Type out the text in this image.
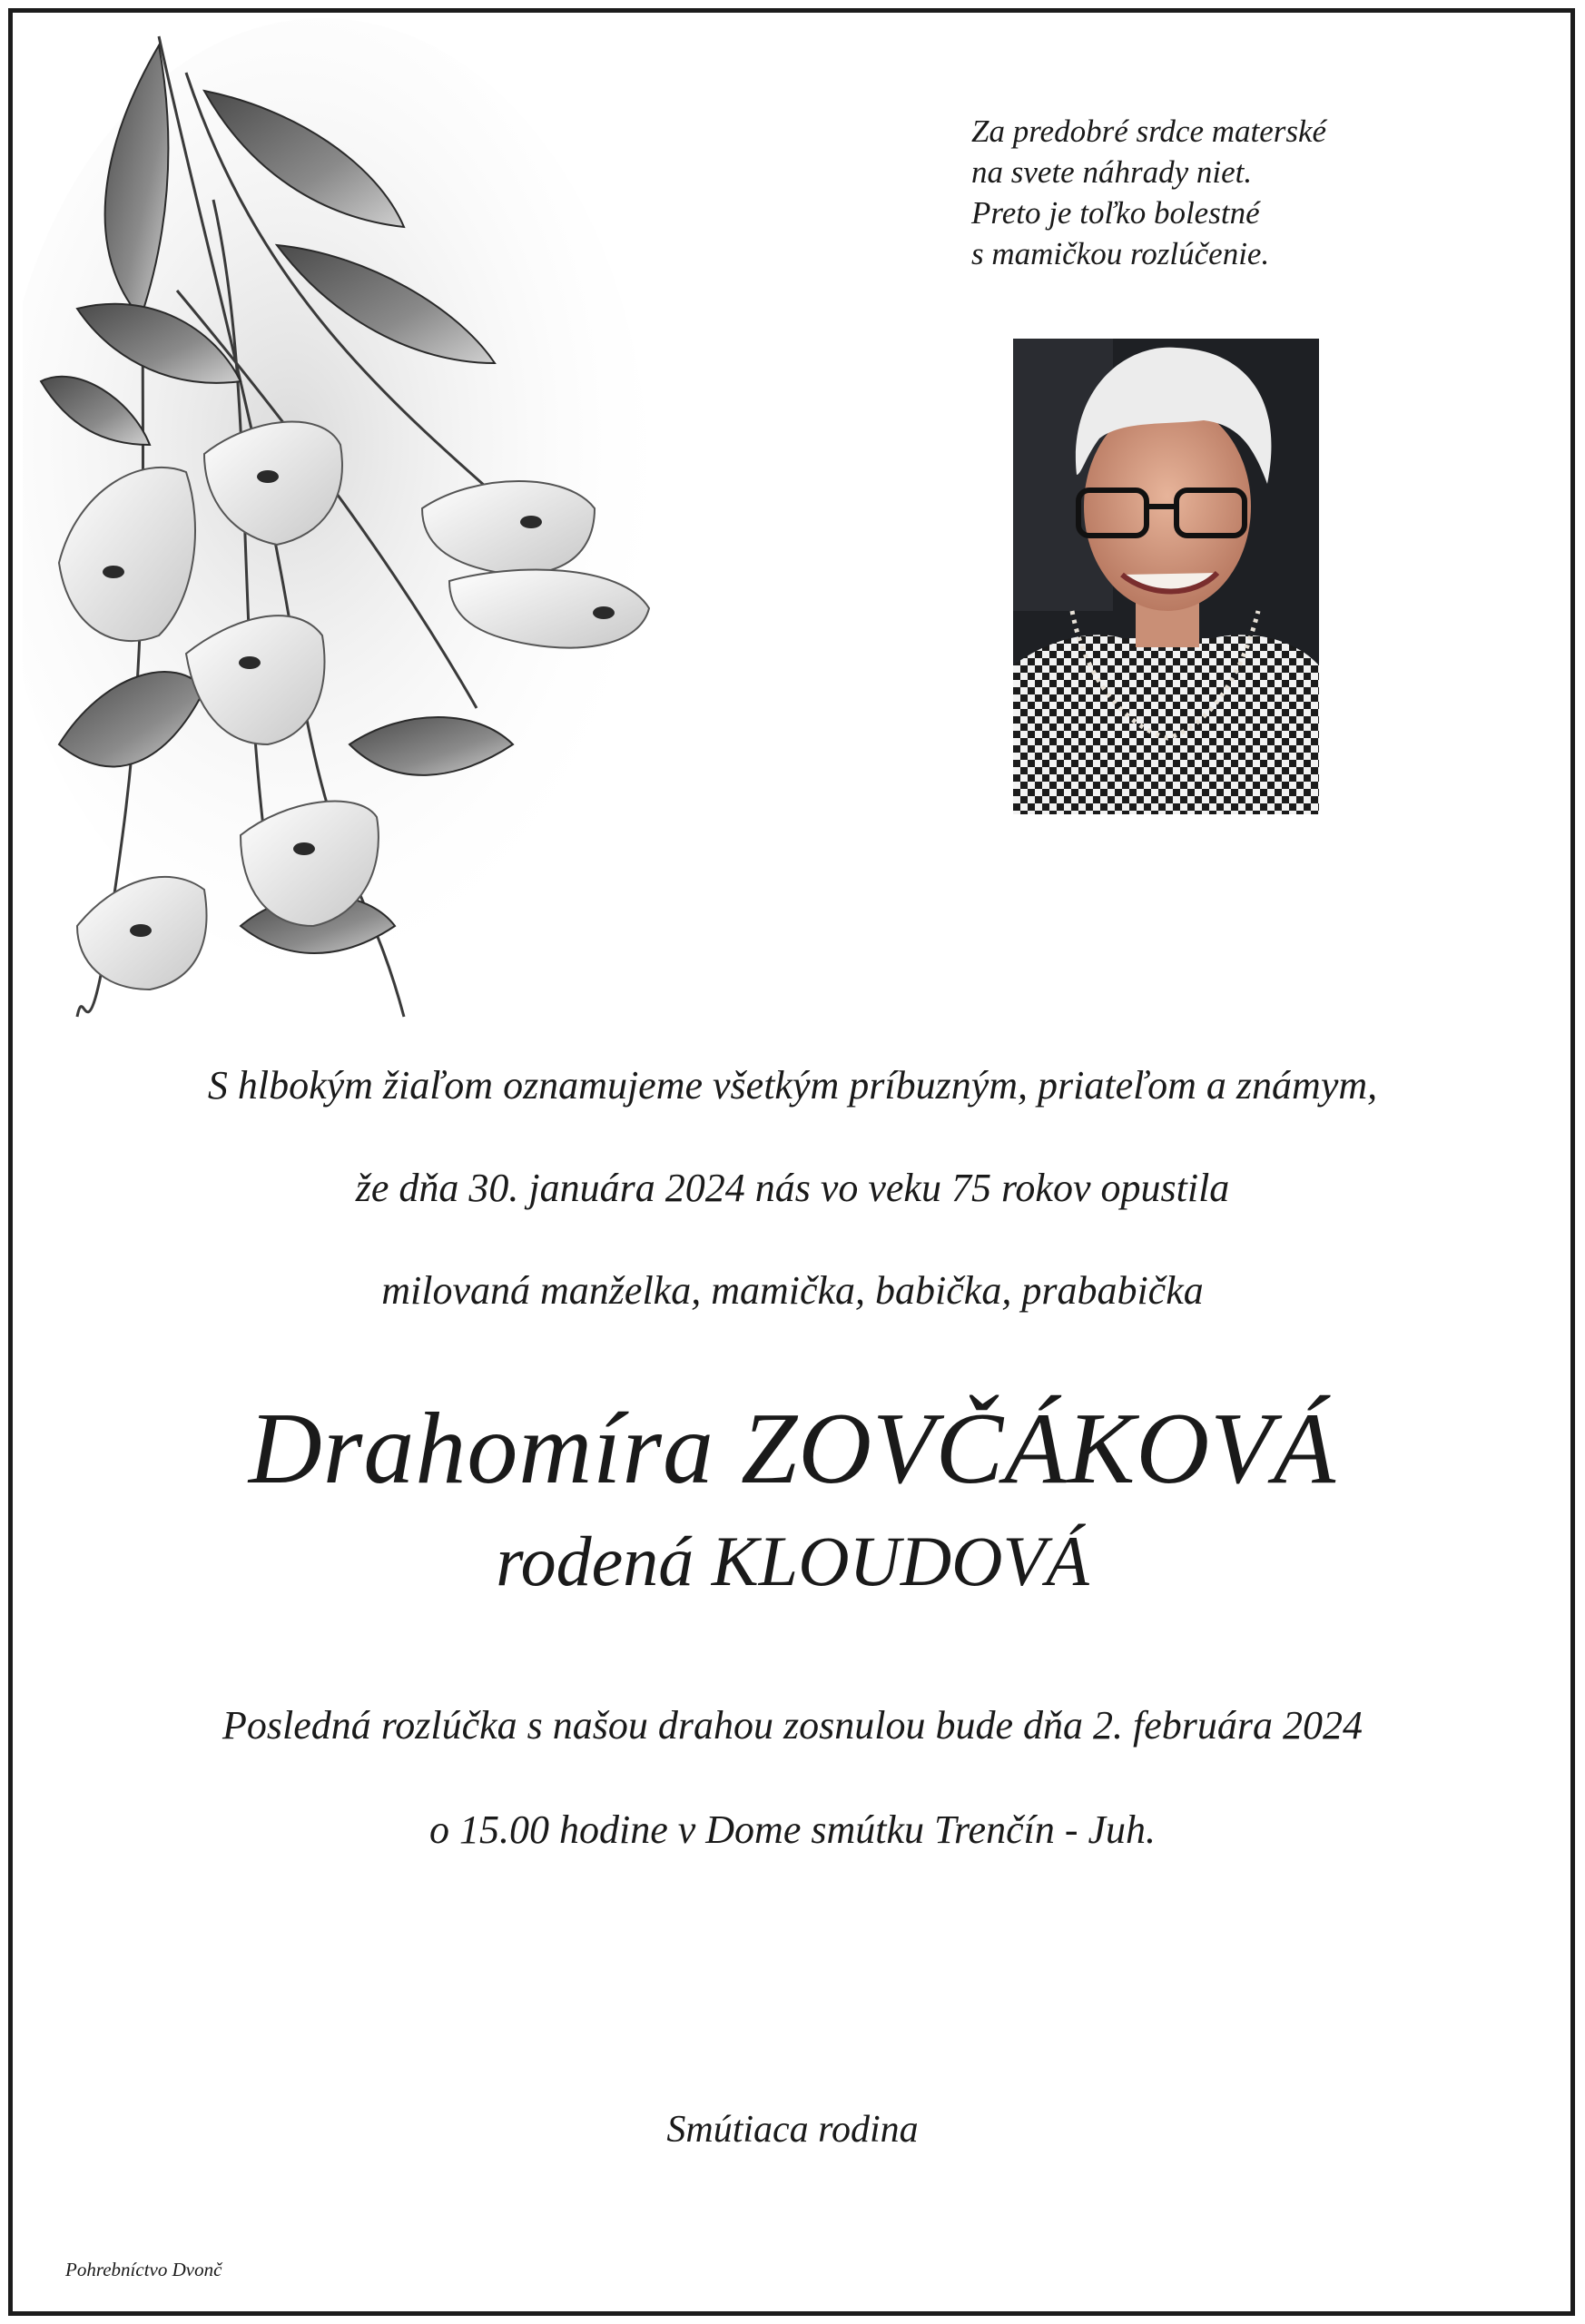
Za predobré srdce materské
na svete náhrady niet.
Preto je toľko bolestné
s mamičkou rozlúčenie.
S hlbokým žiaľom oznamujeme všetkým príbuzným, priateľom a známym,
že dňa 30. januára 2024 nás vo veku 75 rokov opustila
milovaná manželka, mamička, babička, prababička
Drahomíra ZOVČÁKOVÁ
rodená KLOUDOVÁ
Posledná rozlúčka s našou drahou zosnulou bude dňa 2. februára 2024
o 15.00 hodine v Dome smútku Trenčín - Juh.
Smútiaca rodina
Pohrebníctvo Dvonč
